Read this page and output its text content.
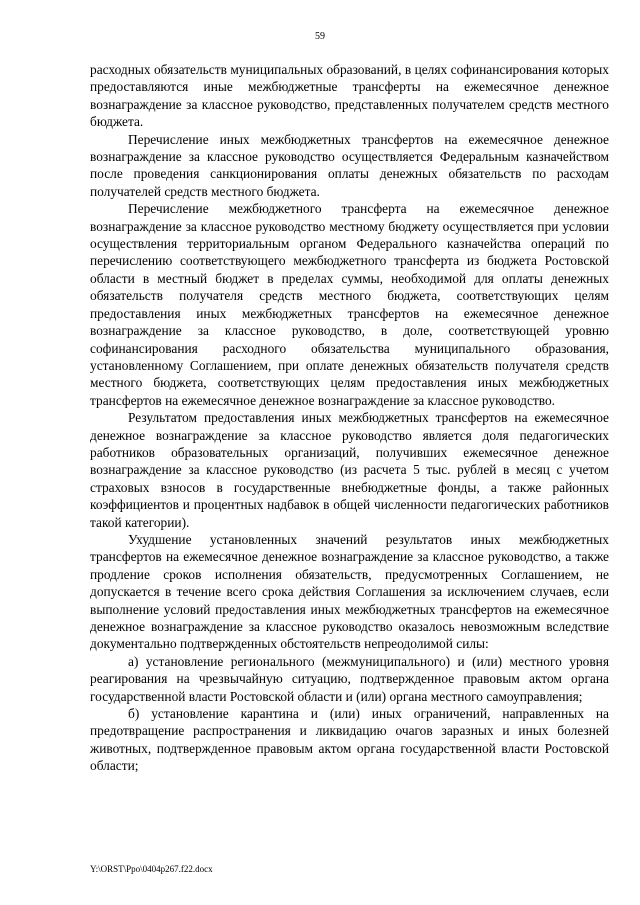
59

расходных обязательств муниципальных образований, в целях софинансирования которых предоставляются иные межбюджетные трансферты на ежемесячное денежное вознаграждение за классное руководство, представленных получателем средств местного бюджета.

Перечисление иных межбюджетных трансфертов на ежемесячное денежное вознаграждение за классное руководство осуществляется Федеральным казначейством после проведения санкционирования оплаты денежных обязательств по расходам получателей средств местного бюджета.

Перечисление межбюджетного трансферта на ежемесячное денежное вознаграждение за классное руководство местному бюджету осуществляется при условии осуществления территориальным органом Федерального казначейства операций по перечислению соответствующего межбюджетного трансферта из бюджета Ростовской области в местный бюджет в пределах суммы, необходимой для оплаты денежных обязательств получателя средств местного бюджета, соответствующих целям предоставления иных межбюджетных трансфертов на ежемесячное денежное вознаграждение за классное руководство, в доле, соответствующей уровню софинансирования расходного обязательства муниципального образования, установленному Соглашением, при оплате денежных обязательств получателя средств местного бюджета, соответствующих целям предоставления иных межбюджетных трансфертов на ежемесячное денежное вознаграждение за классное руководство.

Результатом предоставления иных межбюджетных трансфертов на ежемесячное денежное вознаграждение за классное руководство является доля педагогических работников образовательных организаций, получивших ежемесячное денежное вознаграждение за классное руководство (из расчета 5 тыс. рублей в месяц с учетом страховых взносов в государственные внебюджетные фонды, а также районных коэффициентов и процентных надбавок в общей численности педагогических работников такой категории).

Ухудшение установленных значений результатов иных межбюджетных трансфертов на ежемесячное денежное вознаграждение за классное руководство, а также продление сроков исполнения обязательств, предусмотренных Соглашением, не допускается в течение всего срока действия Соглашения за исключением случаев, если выполнение условий предоставления иных межбюджетных трансфертов на ежемесячное денежное вознаграждение за классное руководство оказалось невозможным вследствие документально подтвержденных обстоятельств непреодолимой силы:

а) установление регионального (межмуниципального) и (или) местного уровня реагирования на чрезвычайную ситуацию, подтвержденное правовым актом органа государственной власти Ростовской области и (или) органа местного самоуправления;

б) установление карантина и (или) иных ограничений, направленных на предотвращение распространения и ликвидацию очагов заразных и иных болезней животных, подтвержденное правовым актом органа государственной власти Ростовской области;

Y:\ORST\Ppo\0404p267.f22.docx
